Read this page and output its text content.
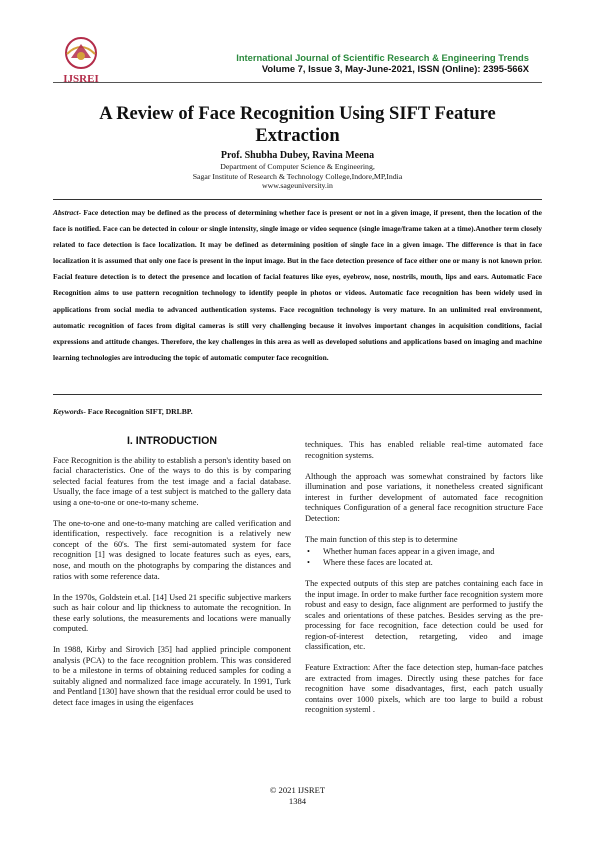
IJSREI
International Journal of Scientific Research & Engineering Trends
Volume 7, Issue 3, May-June-2021, ISSN (Online): 2395-566X
A Review of Face Recognition Using SIFT Feature
Extraction
Prof. Shubha Dubey, Ravina Meena
Department of Computer Science & Engineering,
Sagar Institute of Research & Technology College,Indore,MP,India
www.sageuniversity.in
Abstract- Face detection may be defined as the process of determining whether face is present or not in a given image, if present, then the location of the face is notified. Face can be detected in colour or single intensity, single image or video sequence (single image/frame taken at a time).Another term closely related to face detection is face localization. It may be defined as determining position of single face in a given image. The difference is that in face localization it is assumed that only one face is present in the input image. But in the face detection presence of face either one or many is not known prior. Facial feature detection is to detect the presence and location of facial features like eyes, eyebrow, nose, nostrils, mouth, lips and ears. Automatic Face Recognition aims to use pattern recognition technology to identify people in photos or videos. Automatic face recognition has been widely used in applications from social media to advanced authentication systems. Face recognition technology is very mature. In an unlimited real environment, automatic recognition of faces from digital cameras is still very challenging because it involves important changes in acquisition conditions, facial expressions and attitude changes. Therefore, the key challenges in this area as well as developed solutions and applications based on imaging and machine learning technologies are introducing the topic of automatic computer face recognition.
Keywords- Face Recognition SIFT, DRLBP.
I. INTRODUCTION

Face Recognition is the ability to establish a person's identity based on facial characteristics. One of the ways to do this is by comparing selected facial features from the test image and a facial database. Usually, the face image of a test subject is matched to the gallery data using a one-to-one or one-to-many scheme.

The one-to-one and one-to-many matching are called verification and identification, respectively. face recognition is a relatively new concept of the 60's. The first semi-automated system for face recognition [1] was designed to locate features such as eyes, ears, nose, and mouth on the photographs by comparing the distances and ratios with some reference data.

In the 1970s, Goldstein et.al. [14] Used 21 specific subjective markers such as hair colour and lip thickness to automate the recognition. In these early solutions, the measurements and locations were manually computed.

In 1988, Kirby and Sirovich [35] had applied principle component analysis (PCA) to the face recognition problem. This was considered to be a milestone in terms of obtaining reduced samples for coding a suitably aligned and normalized face image accurately. In 1991, Turk and Pentland [130] have shown that the residual error could be used to detect face images in using the eigenfaces

techniques. This has enabled reliable real-time automated face recognition systems.

Although the approach was somewhat constrained by factors like illumination and pose variations, it nonetheless created significant interest in further development of automated face recognition techniques Configuration of a general face recognition structure Face Detection:

The main function of this step is to determine

• Whether human faces appear in a given image, and
• Where these faces are located at.

The expected outputs of this step are patches containing each face in the input image. In order to make further face recognition system more robust and easy to design, face alignment are performed to justify the scales and orientations of these patches. Besides serving as the pre-processing for face recognition, face detection could be used for region-of-interest detection, retargeting, video and image classification, etc.

Feature Extraction: After the face detection step, human-face patches are extracted from images. Directly using these patches for face recognition have some disadvantages, first, each patch usually contains over 1000 pixels, which are too large to build a robust recognition systeml .

© 2021 IJSRET
1384
